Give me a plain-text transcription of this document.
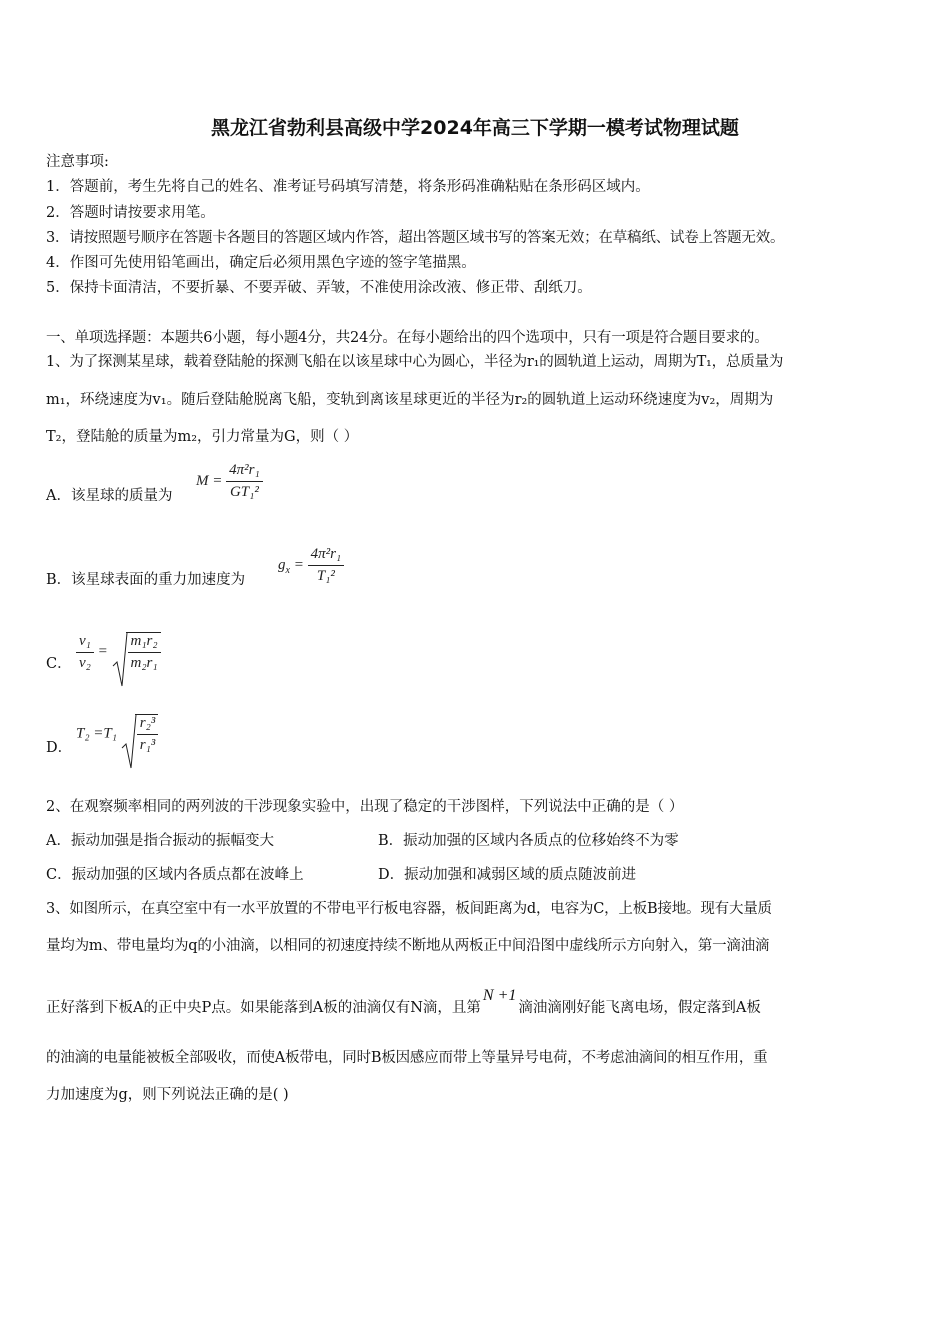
黑龙江省勃利县高级中学2024年高三下学期一模考试物理试题
注意事项:
1．答题前，考生先将自己的姓名、准考证号码填写清楚，将条形码准确粘贴在条形码区域内。
2．答题时请按要求用笔。
3．请按照题号顺序在答题卡各题目的答题区域内作答，超出答题区域书写的答案无效；在草稿纸、试卷上答题无效。
4．作图可先使用铅笔画出，确定后必须用黑色字迹的签字笔描黑。
5．保持卡面清洁，不要折暴、不要弄破、弄皱，不准使用涂改液、修正带、刮纸刀。
一、单项选择题：本题共6小题，每小题4分，共24分。在每小题给出的四个选项中，只有一项是符合题目要求的。
1、为了探测某星球，载着登陆舱的探测飞船在以该星球中心为圆心，半径为r₁的圆轨道上运动，周期为T₁，总质量为
m₁，环绕速度为v₁。随后登陆舱脱离飞船，变轨到离该星球更近的半径为r₂的圆轨道上运动环绕速度为v₂，周期为
T₂，登陆舱的质量为m₂，引力常量为G，则（ ）
A．该星球的质量为
$M = \frac{\text{4π²r₁}}{\text{GT₁²}}$
B．该星球表面的重力加速度为
$g_x = \frac{\text{4π²r₁}}{\text{T₁²}}$
C． $\frac{\text{v₁}}{\text{v₂}} = \frac{\text{m₁r₂}}{\text{m₂r₁}}$
D．
$T_2 =T_1 \frac{\text{r₂³}}{\text{r₁³}}$
2、在观察频率相同的两列波的干涉现象实验中，出现了稳定的干涉图样，下列说法中正确的是（ ）
A．振动加强是指合振动的振幅变大	B．振动加强的区域内各质点的位移始终不为零
C．振动加强的区域内各质点都在波峰上	D．振动加强和减弱区域的质点随波前进
3、如图所示，在真空室中有一水平放置的不带电平行板电容器，板间距离为d，电容为C，上板B接地。现有大量质
量均为m、带电量均为q的小油滴，以相同的初速度持续不断地从两板正中间沿图中虚线所示方向射入，第一滴油滴
正好落到下板A的正中央P点。如果能落到A板的油滴仅有N滴，且第N +1滴油滴刚好能飞离电场，假定落到A板
的油滴的电量能被板全部吸收，而使A板带电，同时B板因感应而带上等量异号电荷，不考虑油滴间的相互作用，重
力加速度为g，则下列说法正确的是( )
